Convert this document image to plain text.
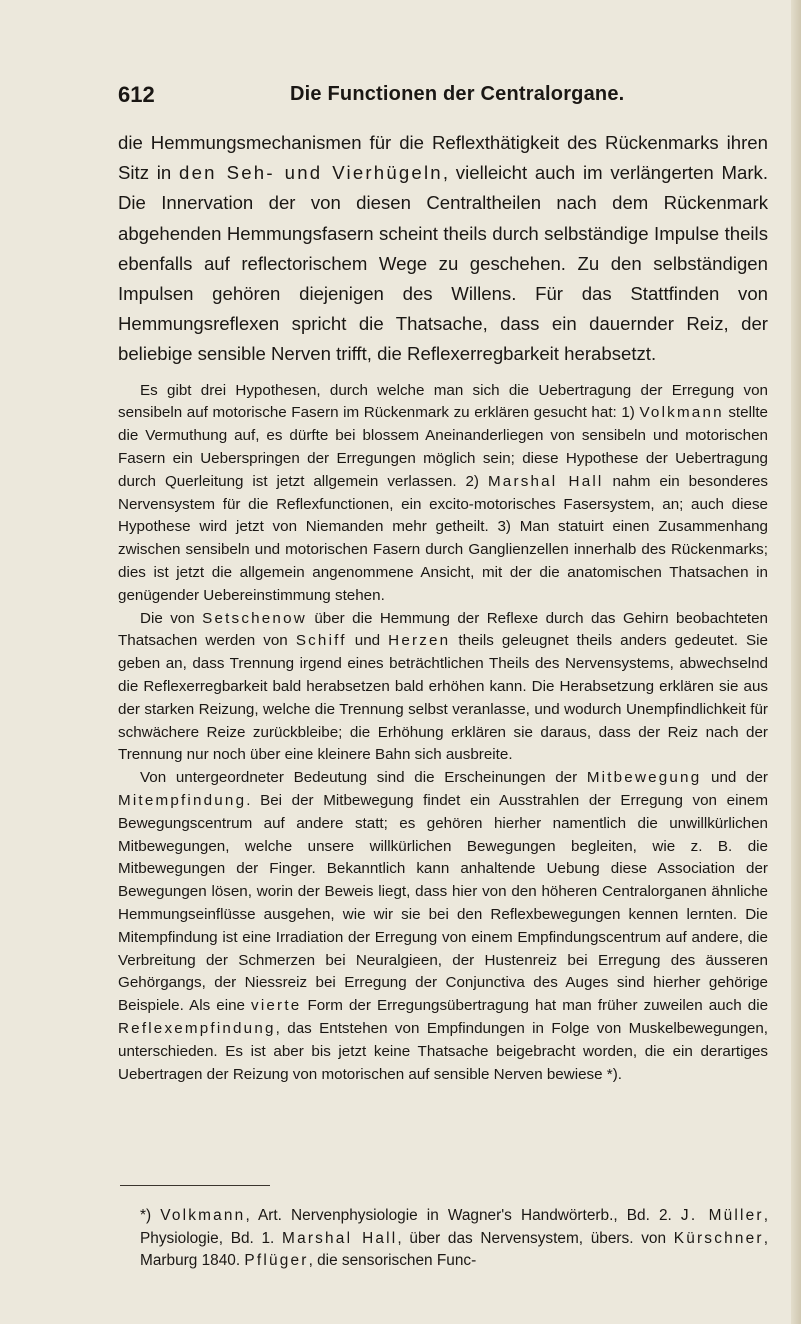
612	Die Functionen der Centralorgane.

die Hemmungsmechanismen für die Reflexthätigkeit des Rückenmarks ihren Sitz in den Seh- und Vierhügeln, vielleicht auch im verlängerten Mark. Die Innervation der von diesen Centraltheilen nach dem Rückenmark abgehenden Hemmungsfasern scheint theils durch selbständige Impulse theils ebenfalls auf reflectorischem Wege zu geschehen. Zu den selbständigen Impulsen gehören diejenigen des Willens. Für das Stattfinden von Hemmungsreflexen spricht die Thatsache, dass ein dauernder Reiz, der beliebige sensible Nerven trifft, die Reflexerregbarkeit herabsetzt.

Es gibt drei Hypothesen, durch welche man sich die Uebertragung der Erregung von sensibeln auf motorische Fasern im Rückenmark zu erklären gesucht hat: 1) Volkmann stellte die Vermuthung auf, es dürfte bei blossem Aneinanderliegen von sensibeln und motorischen Fasern ein Ueberspringen der Erregungen möglich sein; diese Hypothese der Uebertragung durch Querleitung ist jetzt allgemein verlassen. 2) Marshal Hall nahm ein besonderes Nervensystem für die Reflexfunctionen, ein excito-motorisches Fasersystem, an; auch diese Hypothese wird jetzt von Niemanden mehr getheilt. 3) Man statuirt einen Zusammenhang zwischen sensibeln und motorischen Fasern durch Ganglienzellen innerhalb des Rückenmarks; dies ist jetzt die allgemein angenommene Ansicht, mit der die anatomischen Thatsachen in genügender Uebereinstimmung stehen.

Die von Setschenow über die Hemmung der Reflexe durch das Gehirn beobachteten Thatsachen werden von Schiff und Herzen theils geleugnet theils anders gedeutet. Sie geben an, dass Trennung irgend eines beträchtlichen Theils des Nervensystems, abwechselnd die Reflexerregbarkeit bald herabsetzen bald erhöhen kann. Die Herabsetzung erklären sie aus der starken Reizung, welche die Trennung selbst veranlasse, und wodurch Unempfindlichkeit für schwächere Reize zurückbleibe; die Erhöhung erklären sie daraus, dass der Reiz nach der Trennung nur noch über eine kleinere Bahn sich ausbreite.

Von untergeordneter Bedeutung sind die Erscheinungen der Mitbewegung und der Mitempfindung. Bei der Mitbewegung findet ein Ausstrahlen der Erregung von einem Bewegungscentrum auf andere statt; es gehören hierher namentlich die unwillkürlichen Mitbewegungen, welche unsere willkürlichen Bewegungen begleiten, wie z. B. die Mitbewegungen der Finger. Bekanntlich kann anhaltende Uebung diese Association der Bewegungen lösen, worin der Beweis liegt, dass hier von den höheren Centralorganen ähnliche Hemmungseinflüsse ausgehen, wie wir sie bei den Reflexbewegungen kennen lernten. Die Mitempfindung ist eine Irradiation der Erregung von einem Empfindungscentrum auf andere, die Verbreitung der Schmerzen bei Neuralgieen, der Hustenreiz bei Erregung des äusseren Gehörgangs, der Niessreiz bei Erregung der Conjunctiva des Auges sind hierher gehörige Beispiele. Als eine vierte Form der Erregungsübertragung hat man früher zuweilen auch die Reflexempfindung, das Entstehen von Empfindungen in Folge von Muskelbewegungen, unterschieden. Es ist aber bis jetzt keine Thatsache beigebracht worden, die ein derartiges Uebertragen der Reizung von motorischen auf sensible Nerven bewiese *).

*) Volkmann, Art. Nervenphysiologie in Wagner's Handwörterb., Bd. 2. J. Müller, Physiologie, Bd. 1. Marshal Hall, über das Nervensystem, übers. von Kürschner, Marburg 1840. Pflüger, die sensorischen Func-
